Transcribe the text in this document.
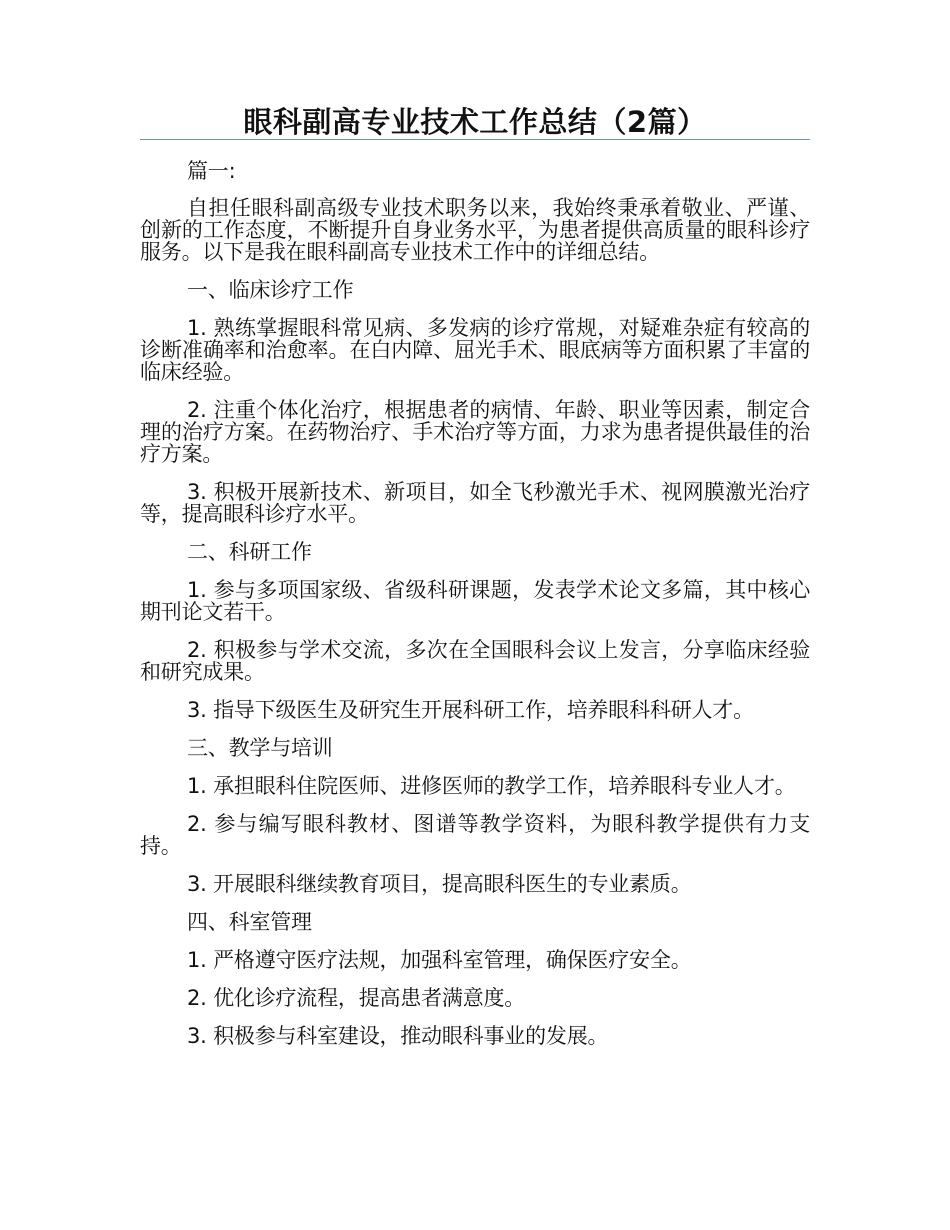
眼科副高专业技术工作总结（2篇）

篇一:

自担任眼科副高级专业技术职务以来，我始终秉承着敬业、严谨、创新的工作态度，不断提升自身业务水平，为患者提供高质量的眼科诊疗服务。以下是我在眼科副高专业技术工作中的详细总结。

一、临床诊疗工作

1. 熟练掌握眼科常见病、多发病的诊疗常规，对疑难杂症有较高的诊断准确率和治愈率。在白内障、屈光手术、眼底病等方面积累了丰富的临床经验。

2. 注重个体化治疗，根据患者的病情、年龄、职业等因素，制定合理的治疗方案。在药物治疗、手术治疗等方面，力求为患者提供最佳的治疗方案。

3. 积极开展新技术、新项目，如全飞秒激光手术、视网膜激光治疗等，提高眼科诊疗水平。

二、科研工作

1. 参与多项国家级、省级科研课题，发表学术论文多篇，其中核心期刊论文若干。

2. 积极参与学术交流，多次在全国眼科会议上发言，分享临床经验和研究成果。

3. 指导下级医生及研究生开展科研工作，培养眼科科研人才。

三、教学与培训

1. 承担眼科住院医师、进修医师的教学工作，培养眼科专业人才。

2. 参与编写眼科教材、图谱等教学资料，为眼科教学提供有力支持。

3. 开展眼科继续教育项目，提高眼科医生的专业素质。

四、科室管理

1. 严格遵守医疗法规，加强科室管理，确保医疗安全。

2. 优化诊疗流程，提高患者满意度。

3. 积极参与科室建设，推动眼科事业的发展。
